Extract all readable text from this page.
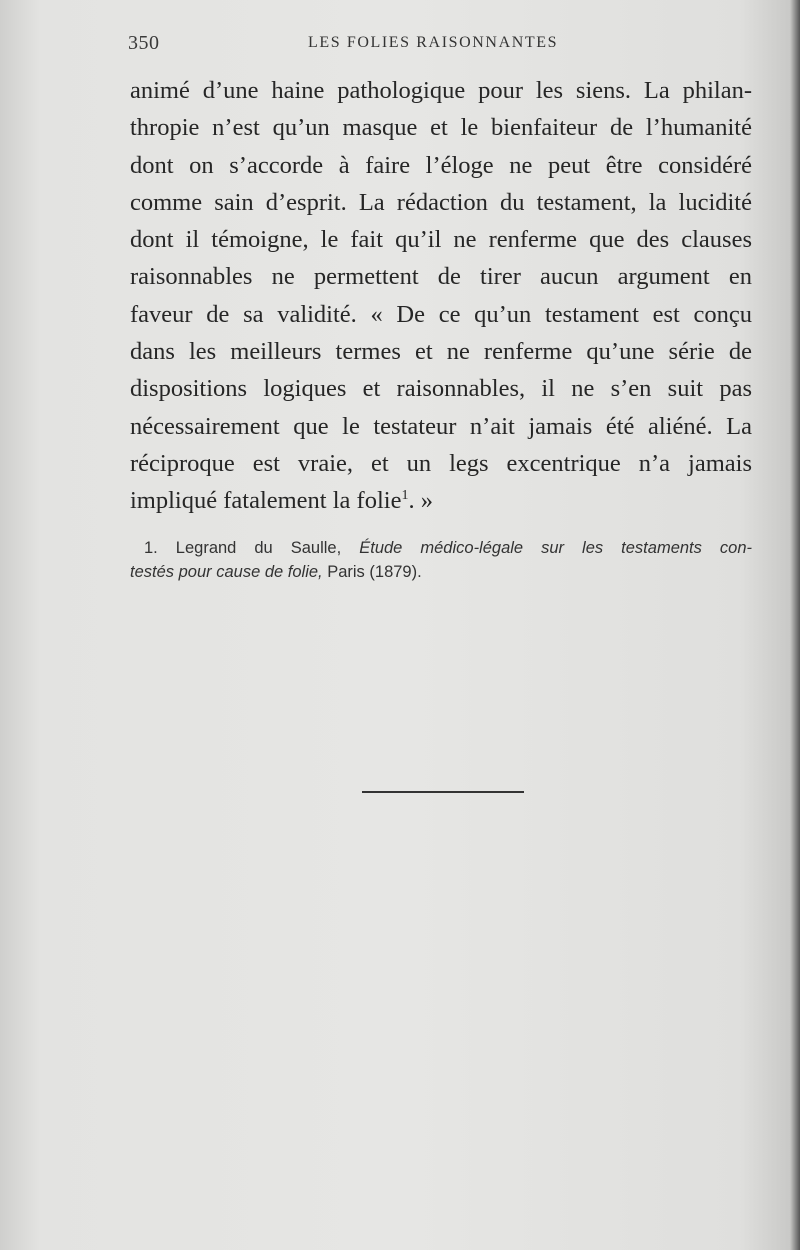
350	LES FOLIES RAISONNANTES
animé d’une haine pathologique pour les siens. La philan-
thropie n’est qu’un masque et le bienfaiteur de l’humanité
dont on s’accorde à faire l’éloge ne peut être considéré
comme sain d’esprit. La rédaction du testament, la lucidité
dont il témoigne, le fait qu’il ne renferme que des clauses
raisonnables ne permettent de tirer aucun argument en
faveur de sa validité. « De ce qu’un testament est conçu
dans les meilleurs termes et ne renferme qu’une série de
dispositions logiques et raisonnables, il ne s’en suit pas
nécessairement que le testateur n’ait jamais été aliéné. La
réciproque est vraie, et un legs excentrique n’a jamais
impliqué fatalement la folie$^1$. »
1. Legrand du Saulle, Étude médico-légale sur les testaments con-
testés pour cause de folie, Paris (1879).
